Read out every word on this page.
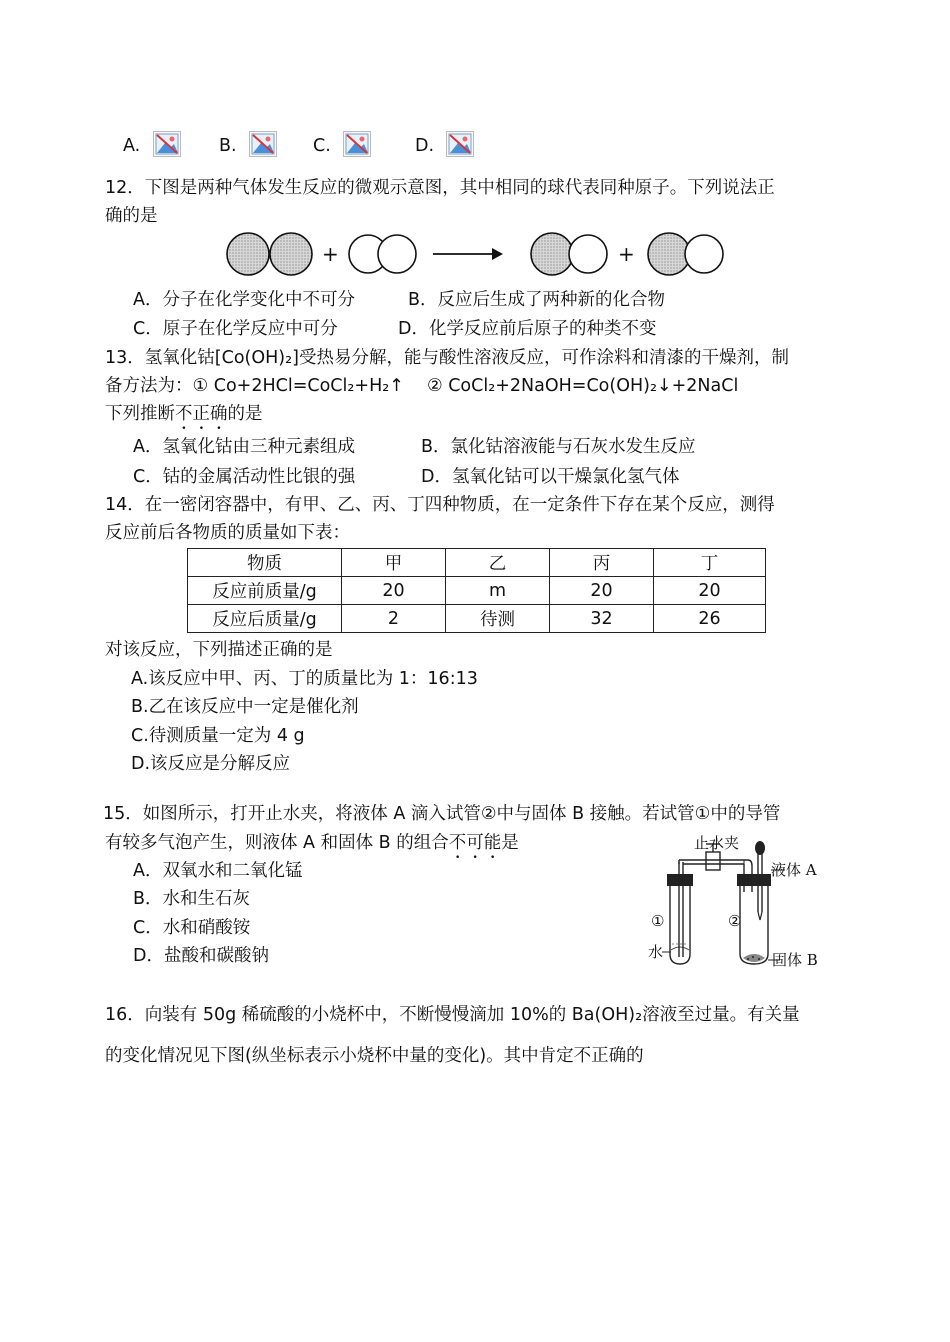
A.	B.	C.	D.
12．下图是两种气体发生反应的微观示意图，其中相同的球代表同种原子。下列说法正
确的是
+	+
A．分子在化学变化中不可分	B．反应后生成了两种新的化合物
C．原子在化学反应中可分	D．化学反应前后原子的种类不变
13．氢氧化钴[Co(OH)₂]受热易分解，能与酸性溶液反应，可作涂料和清漆的干燥剂，制
备方法为：① Co+2HCl=CoCl₂+H₂↑　 ② CoCl₂+2NaOH=Co(OH)₂↓+2NaCl
下列推断不正确的是
A．氢氧化钴由三种元素组成	B．氯化钴溶液能与石灰水发生反应
C．钴的金属活动性比银的强	D．氢氧化钴可以干燥氯化氢气体
14．在一密闭容器中，有甲、乙、丙、丁四种物质，在一定条件下存在某个反应，测得
反应前后各物质的质量如下表：
物质	甲	乙	丙	丁
反应前质量/g	20	m	20	20
反应后质量/g	2	待测	32	26
对该反应，下列描述正确的是
A.该反应中甲、丙、丁的质量比为 1：16:13
B.乙在该反应中一定是催化剂
C.待测质量一定为 4 g
D.该反应是分解反应
15．如图所示，打开止水夹，将液体 A 滴入试管②中与固体 B 接触。若试管①中的导管
有较多气泡产生，则液体 A 和固体 B 的组合不可能是
A．双氧水和二氧化锰
B．水和生石灰
C．水和硝酸铵
D．盐酸和碳酸钠
止水夹
液体 A
①	②
水	固体 B
16．向装有 50g 稀硫酸的小烧杯中，不断慢慢滴加 10%的 Ba(OH)₂溶液至过量。有关量
的变化情况见下图(纵坐标表示小烧杯中量的变化)。其中肯定不正确的
